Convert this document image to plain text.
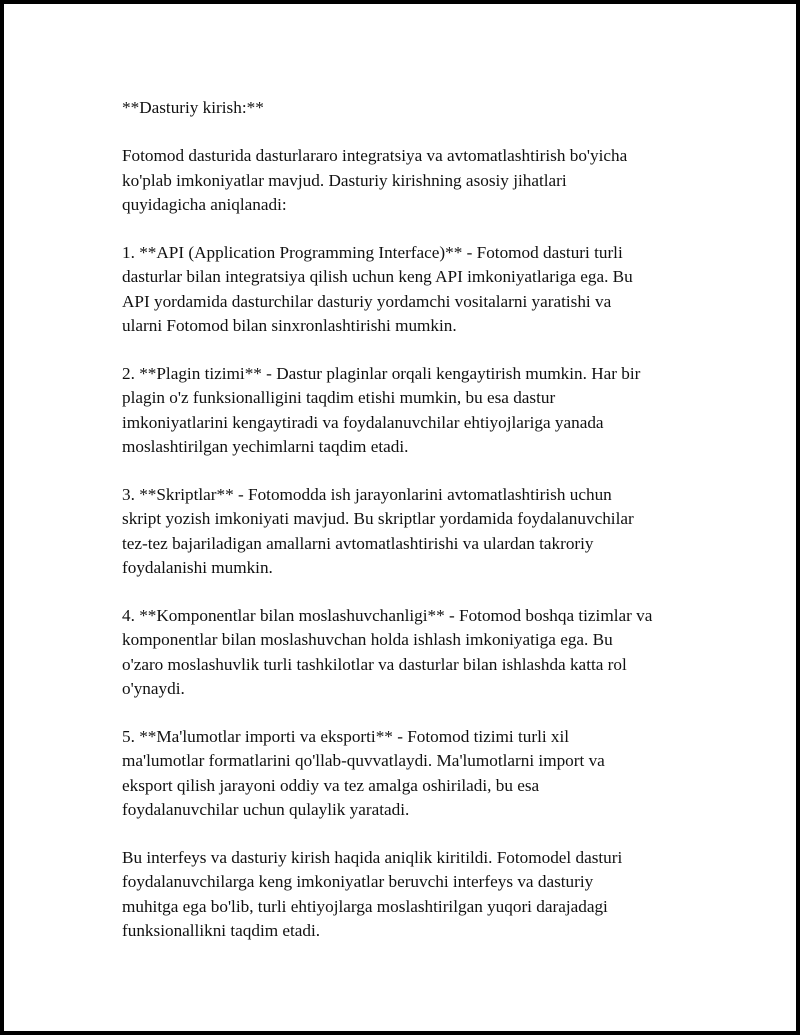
**Dasturiy kirish:**

Fotomod dasturida dasturlararo integratsiya va avtomatlashtirish bo'yicha
ko'plab imkoniyatlar mavjud. Dasturiy kirishning asosiy jihatlari
quyidagicha aniqlanadi:

1. **API (Application Programming Interface)** - Fotomod dasturi turli
dasturlar bilan integratsiya qilish uchun keng API imkoniyatlariga ega. Bu
API yordamida dasturchilar dasturiy yordamchi vositalarni yaratishi va
ularni Fotomod bilan sinxronlashtirishi mumkin.

2. **Plagin tizimi** - Dastur plaginlar orqali kengaytirish mumkin. Har bir
plagin o'z funksionalligini taqdim etishi mumkin, bu esa dastur
imkoniyatlarini kengaytiradi va foydalanuvchilar ehtiyojlariga yanada
moslashtirilgan yechimlarni taqdim etadi.

3. **Skriptlar** - Fotomodda ish jarayonlarini avtomatlashtirish uchun
skript yozish imkoniyati mavjud. Bu skriptlar yordamida foydalanuvchilar
tez-tez bajariladigan amallarni avtomatlashtirishi va ulardan takroriy
foydalanishi mumkin.

4. **Komponentlar bilan moslashuvchanligi** - Fotomod boshqa tizimlar va
komponentlar bilan moslashuvchan holda ishlash imkoniyatiga ega. Bu
o'zaro moslashuvlik turli tashkilotlar va dasturlar bilan ishlashda katta rol
o'ynaydi.

5. **Ma'lumotlar importi va eksporti** - Fotomod tizimi turli xil
ma'lumotlar formatlarini qo'llab-quvvatlaydi. Ma'lumotlarni import va
eksport qilish jarayoni oddiy va tez amalga oshiriladi, bu esa
foydalanuvchilar uchun qulaylik yaratadi.

Bu interfeys va dasturiy kirish haqida aniqlik kiritildi. Fotomodel dasturi
foydalanuvchilarga keng imkoniyatlar beruvchi interfeys va dasturiy
muhitga ega bo'lib, turli ehtiyojlarga moslashtirilgan yuqori darajadagi
funksionallikni taqdim etadi.
